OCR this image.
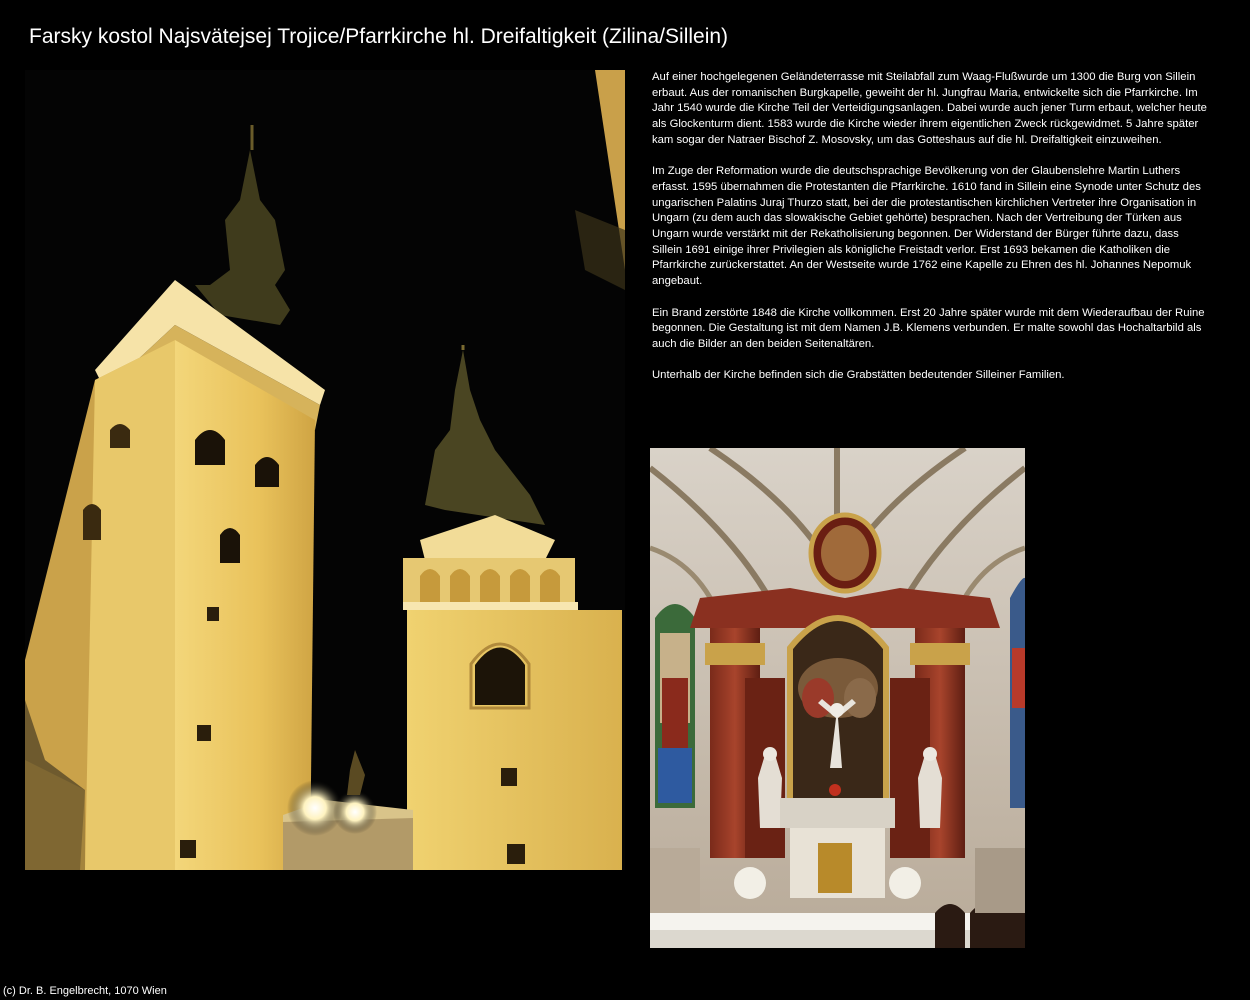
Farsky kostol Najsvätejsej Trojice/Pfarrkirche hl. Dreifaltigkeit (Zilina/Sillein)

Auf einer hochgelegenen Geländeterrasse mit Steilabfall zum Waag-Flußwurde um 1300 die Burg von Sillein erbaut. Aus der romanischen Burgkapelle, geweiht der hl. Jungfrau Maria, entwickelte sich die Pfarrkirche. Im Jahr 1540 wurde die Kirche Teil der Verteidigungsanlagen. Dabei wurde auch jener Turm erbaut, welcher heute als Glockenturm dient. 1583 wurde die Kirche wieder ihrem eigentlichen Zweck rückgewidmet. 5 Jahre später kam sogar der Natraer Bischof Z. Mosovsky, um das Gotteshaus auf die hl. Dreifaltigkeit einzuweihen.

Im Zuge der Reformation wurde die deutschsprachige Bevölkerung von der Glaubenslehre Martin Luthers erfasst. 1595 übernahmen die Protestanten die Pfarrkirche. 1610 fand in Sillein eine Synode unter Schutz des ungarischen Palatins Juraj Thurzo statt, bei der die protestantischen kirchlichen Vertreter ihre Organisation in Ungarn (zu dem auch das slowakische Gebiet gehörte) besprachen. Nach der Vertreibung der Türken aus Ungarn wurde verstärkt mit der Rekatholisierung begonnen. Der Widerstand der Bürger führte dazu, dass Sillein 1691 einige ihrer Privilegien als königliche Freistadt verlor. Erst 1693 bekamen die Katholiken die Pfarrkirche zurückerstattet. An der Westseite wurde 1762 eine Kapelle zu Ehren des hl. Johannes Nepomuk angebaut.

Ein Brand zerstörte 1848 die Kirche vollkommen. Erst 20 Jahre später wurde mit dem Wiederaufbau der Ruine begonnen. Die Gestaltung ist mit dem Namen J.B. Klemens verbunden. Er malte sowohl das Hochaltarbild als auch die Bilder an den beiden Seitenaltären.

Unterhalb der Kirche befinden sich die Grabstätten bedeutender Silleiner Familien.

(c) Dr. B. Engelbrecht, 1070 Wien
